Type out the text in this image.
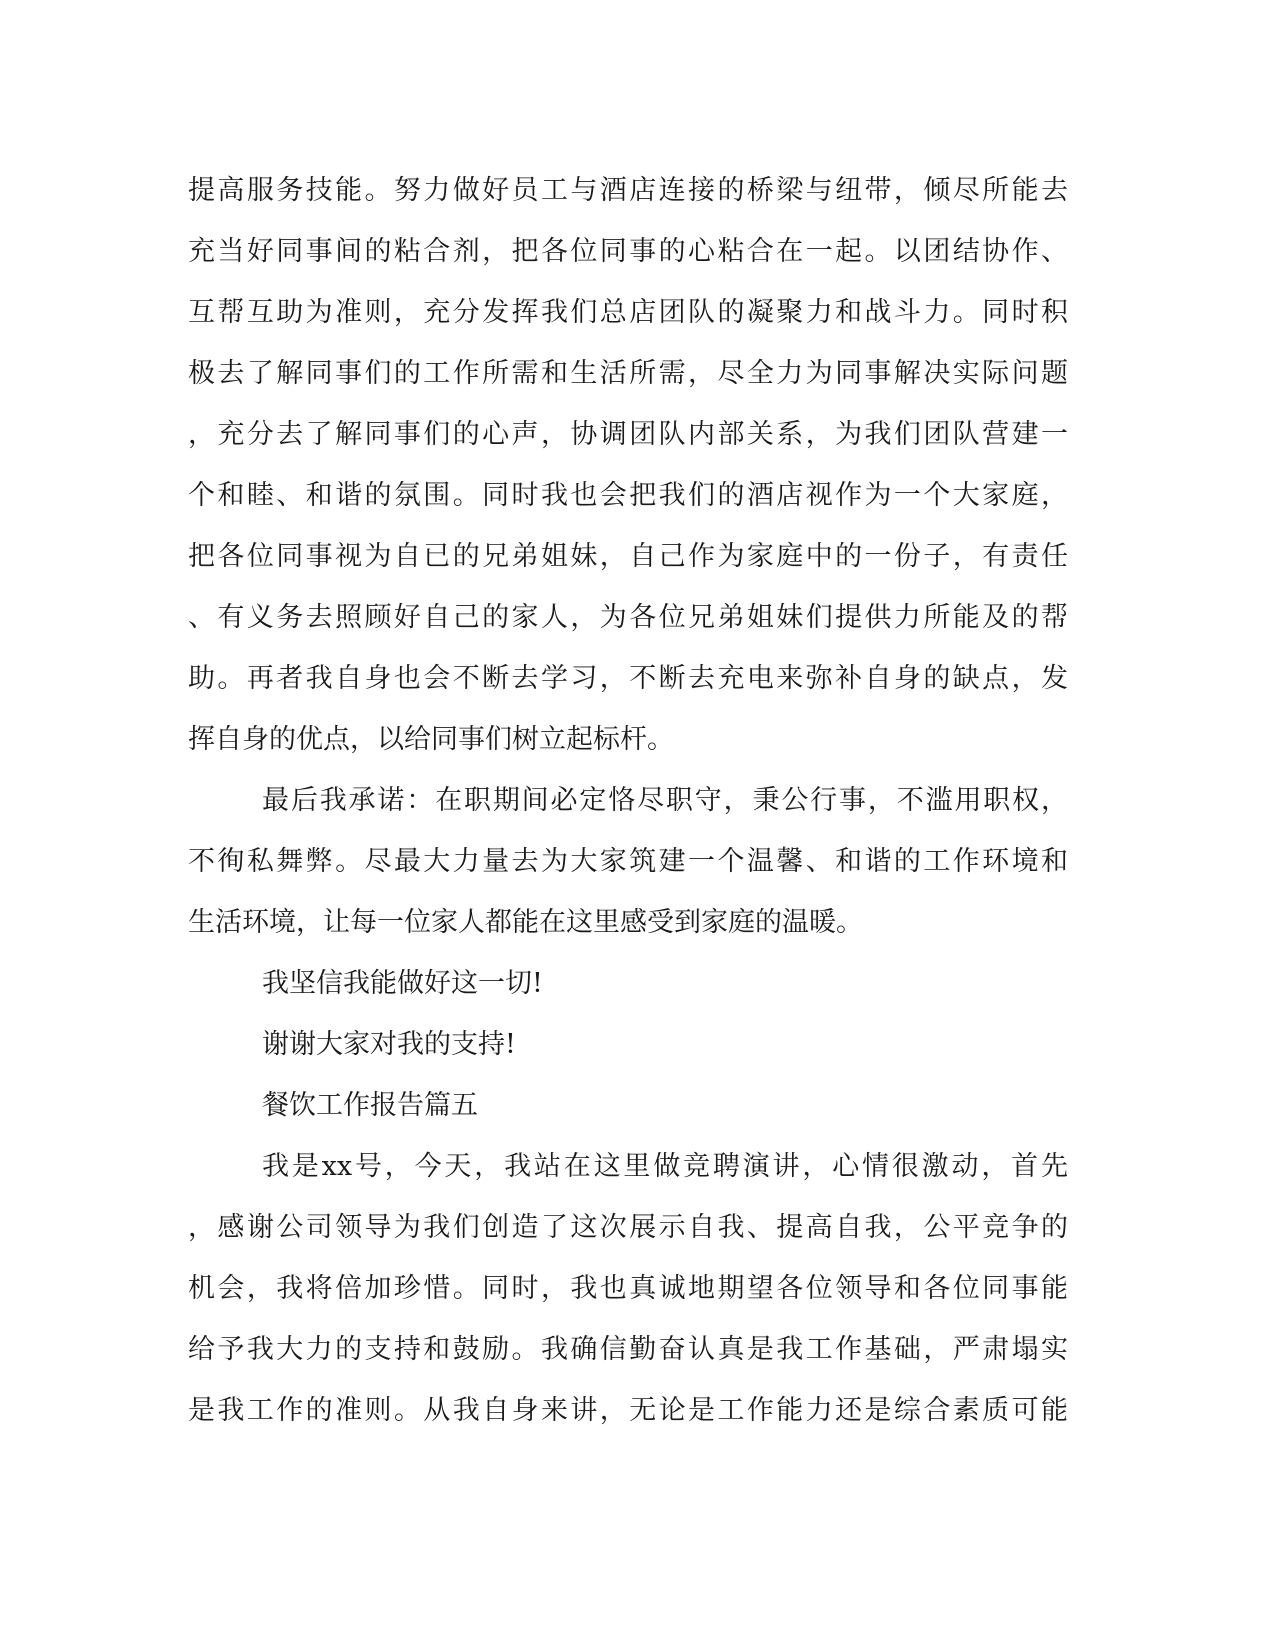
提高服务技能。努力做好员工与酒店连接的桥梁与纽带，倾尽所能去
充当好同事间的粘合剂，把各位同事的心粘合在一起。以团结协作、
互帮互助为准则，充分发挥我们总店团队的凝聚力和战斗力。同时积
极去了解同事们的工作所需和生活所需，尽全力为同事解决实际问题
，充分去了解同事们的心声，协调团队内部关系，为我们团队营建一
个和睦、和谐的氛围。同时我也会把我们的酒店视作为一个大家庭，
把各位同事视为自已的兄弟姐妹，自己作为家庭中的一份子，有责任
、有义务去照顾好自己的家人，为各位兄弟姐妹们提供力所能及的帮
助。再者我自身也会不断去学习，不断去充电来弥补自身的缺点，发
挥自身的优点，以给同事们树立起标杆。
最后我承诺：在职期间必定恪尽职守，秉公行事，不滥用职权，
不徇私舞弊。尽最大力量去为大家筑建一个温馨、和谐的工作环境和
生活环境，让每一位家人都能在这里感受到家庭的温暖。
我坚信我能做好这一切!
谢谢大家对我的支持!
餐饮工作报告篇五
我是xx号，今天，我站在这里做竞聘演讲，心情很激动，首先
，感谢公司领导为我们创造了这次展示自我、提高自我，公平竞争的
机会，我将倍加珍惜。同时，我也真诚地期望各位领导和各位同事能
给予我大力的支持和鼓励。我确信勤奋认真是我工作基础，严肃塌实
是我工作的准则。从我自身来讲，无论是工作能力还是综合素质可能
